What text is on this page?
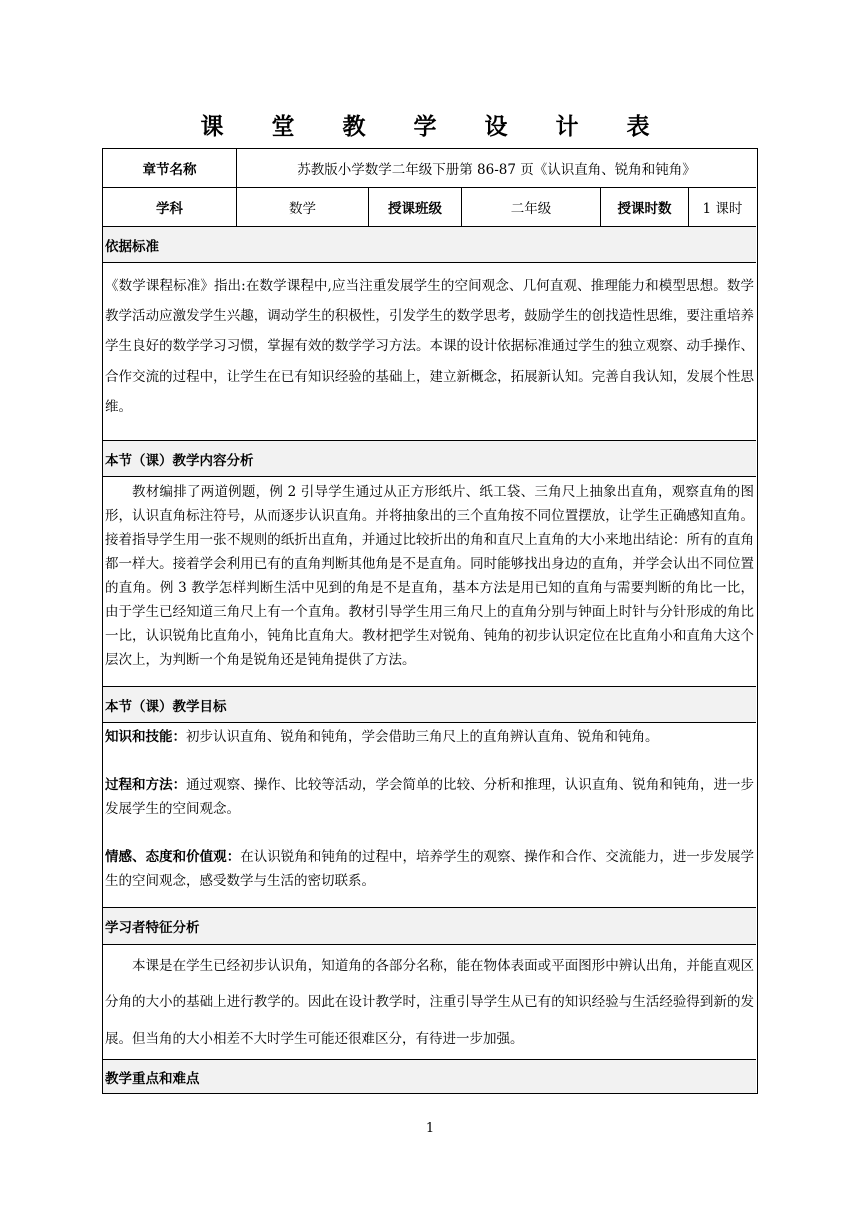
课 堂 教 学 设 计 表
章节名称	苏教版小学数学二年级下册第 86-87 页《认识直角、锐角和钝角》
学科	数学	授课班级	二年级	授课时数	1 课时
依据标准
《数学课程标准》指出:在数学课程中,应当注重发展学生的空间观念、几何直观、推理能力和模型思想。数学教学活动应激发学生兴趣，调动学生的积极性，引发学生的数学思考，鼓励学生的创找造性思维，要注重培养学生良好的数学学习习惯，掌握有效的数学学习方法。本课的设计依据标准通过学生的独立观察、动手操作、合作交流的过程中，让学生在已有知识经验的基础上，建立新概念，拓展新认知。完善自我认知，发展个性思维。
本节（课）教学内容分析
教材编排了两道例题，例 2 引导学生通过从正方形纸片、纸工袋、三角尺上抽象出直角，观察直角的图形，认识直角标注符号，从而逐步认识直角。并将抽象出的三个直角按不同位置摆放，让学生正确感知直角。接着指导学生用一张不规则的纸折出直角，并通过比较折出的角和直尺上直角的大小来地出结论：所有的直角都一样大。接着学会利用已有的直角判断其他角是不是直角。同时能够找出身边的直角，并学会认出不同位置的直角。例 3 教学怎样判断生活中见到的角是不是直角，基本方法是用已知的直角与需要判断的角比一比，由于学生已经知道三角尺上有一个直角。教材引导学生用三角尺上的直角分别与钟面上时针与分针形成的角比一比，认识锐角比直角小，钝角比直角大。教材把学生对锐角、钝角的初步认识定位在比直角小和直角大这个层次上，为判断一个角是锐角还是钝角提供了方法。
本节（课）教学目标
知识和技能：初步认识直角、锐角和钝角，学会借助三角尺上的直角辨认直角、锐角和钝角。
过程和方法：通过观察、操作、比较等活动，学会简单的比较、分析和推理，认识直角、锐角和钝角，进一步发展学生的空间观念。
情感、态度和价值观：在认识锐角和钝角的过程中，培养学生的观察、操作和合作、交流能力，进一步发展学生的空间观念，感受数学与生活的密切联系。
学习者特征分析
本课是在学生已经初步认识角，知道角的各部分名称，能在物体表面或平面图形中辨认出角，并能直观区分角的大小的基础上进行教学的。因此在设计教学时，注重引导学生从已有的知识经验与生活经验得到新的发展。但当角的大小相差不大时学生可能还很难区分，有待进一步加强。
教学重点和难点
1
